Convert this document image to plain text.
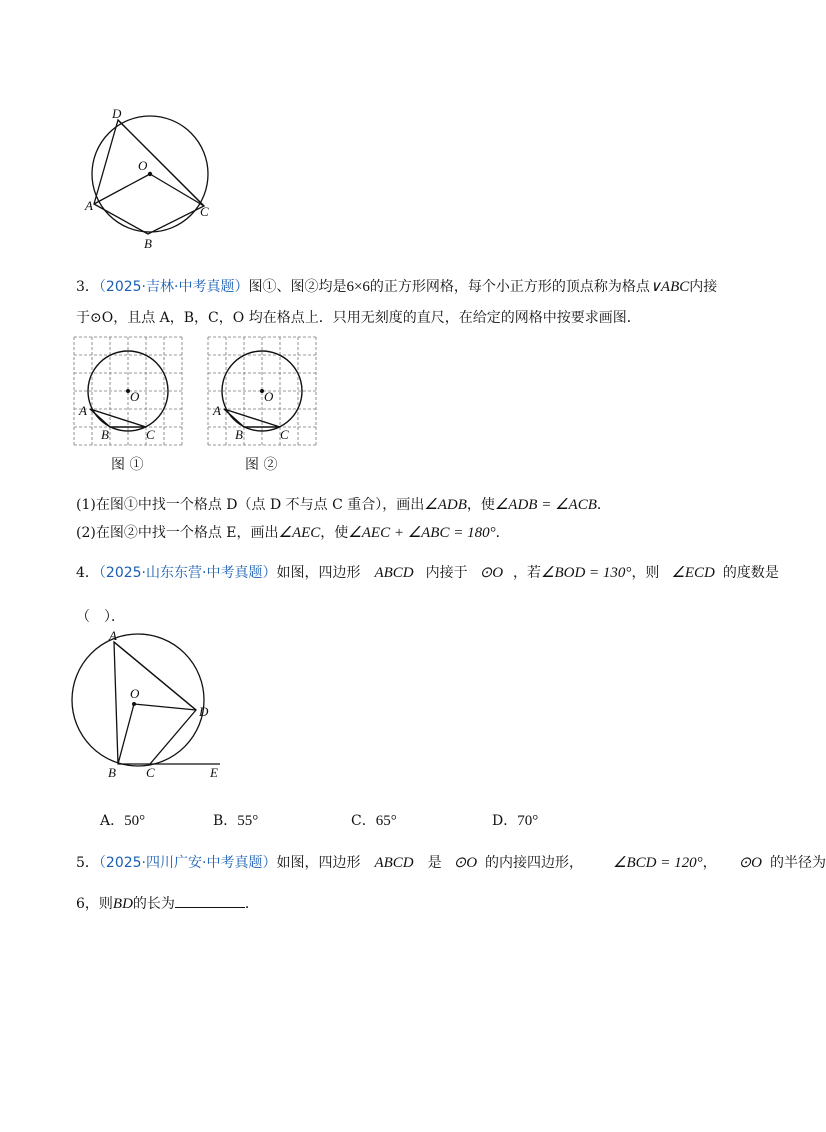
D
O
A
B
C
3．（2025·吉林·中考真题）图①、图②均是6×6的正方形网格，每个小正方形的顶点称为格点∨ABC内接
于⊙O，且点 A，B，C，O 均在格点上．只用无刻度的直尺，在给定的网格中按要求画图．
O
A
B	C
图 ①
O
A
B	C
图 ②
(1)在图①中找一个格点 D（点 D 不与点 C 重合），画出∠ADB，使∠ADB = ∠ACB．
(2)在图②中找一个格点 E，画出∠AEC，使∠AEC + ∠ABC = 180°．
4．（2025·山东东营·中考真题）如图，四边形 ABCD 内接于 ⊙O ，若∠BOD = 130°，则 ∠ECD 的度数是
（　）．
A
O
D
B C	E
A．50°	B．55°	C．65°	D．70°
5．（2025·四川广安·中考真题）如图，四边形 ABCD 是 ⊙O 的内接四边形， ∠BCD = 120°， ⊙O 的半径为
6，则BD的长为	．
